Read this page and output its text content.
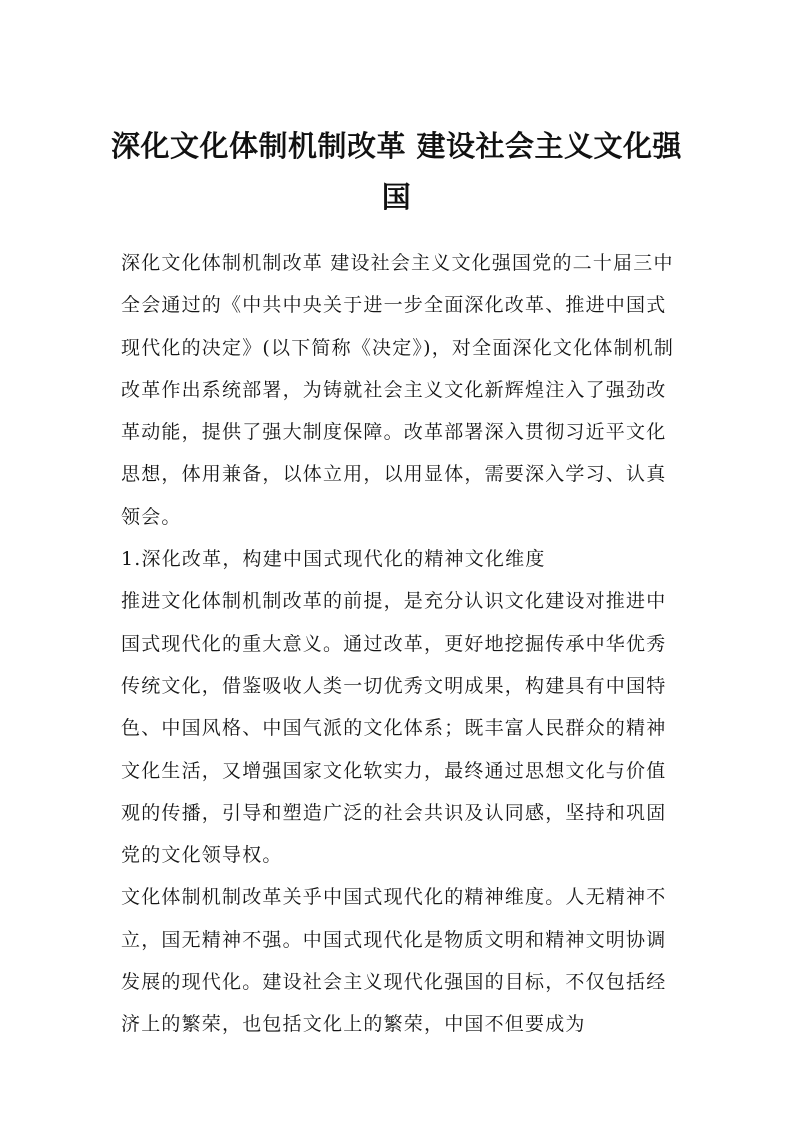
深化文化体制机制改革 建设社会主义文化强国

深化文化体制机制改革 建设社会主义文化强国党的二十届三中全会通过的《中共中央关于进一步全面深化改革、推进中国式现代化的决定》(以下简称《决定》)，对全面深化文化体制机制改革作出系统部署，为铸就社会主义文化新辉煌注入了强劲改革动能，提供了强大制度保障。改革部署深入贯彻习近平文化思想，体用兼备，以体立用，以用显体，需要深入学习、认真领会。

1.深化改革，构建中国式现代化的精神文化维度

推进文化体制机制改革的前提，是充分认识文化建设对推进中国式现代化的重大意义。通过改革，更好地挖掘传承中华优秀传统文化，借鉴吸收人类一切优秀文明成果，构建具有中国特色、中国风格、中国气派的文化体系；既丰富人民群众的精神文化生活，又增强国家文化软实力，最终通过思想文化与价值观的传播，引导和塑造广泛的社会共识及认同感，坚持和巩固党的文化领导权。

文化体制机制改革关乎中国式现代化的精神维度。人无精神不立，国无精神不强。中国式现代化是物质文明和精神文明协调发展的现代化。建设社会主义现代化强国的目标，不仅包括经济上的繁荣，也包括文化上的繁荣，中国不但要成为
